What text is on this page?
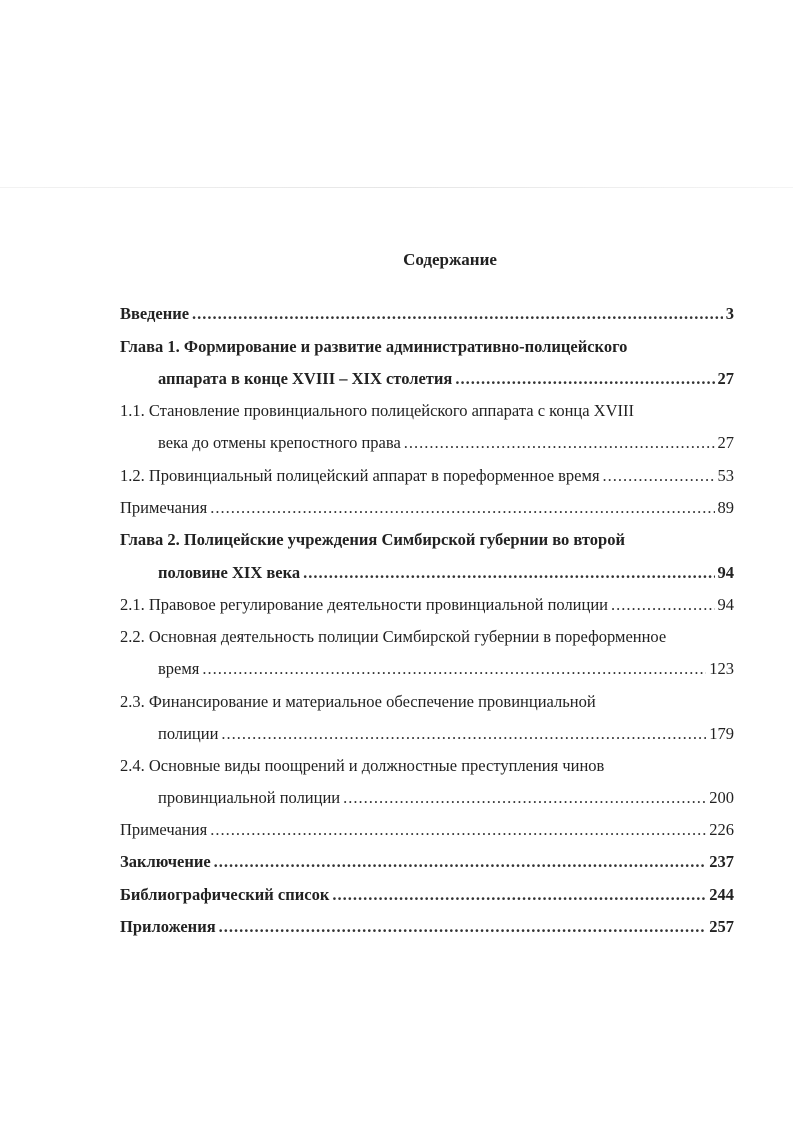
Содержание
Введение .....	3
Глава 1. Формирование и развитие административно-полицейского
аппарата в конце XVIII – XIX столетия .....	27
1.1. Становление провинциального полицейского аппарата с конца XVIII
века до отмены крепостного права .....	27
1.2. Провинциальный полицейский аппарат в пореформенное время .....	53
Примечания .....	89
Глава 2. Полицейские учреждения Симбирской губернии во второй
половине XIX века .....	94
2.1. Правовое регулирование деятельности провинциальной полиции .....	94
2.2. Основная деятельность полиции Симбирской губернии в пореформенное
время .....	123
2.3. Финансирование и материальное обеспечение провинциальной
полиции .....	179
2.4. Основные виды поощрений и должностные преступления чинов
провинциальной полиции .....	200
Примечания .....	226
Заключение .....	237
Библиографический список .....	244
Приложения .....	257
